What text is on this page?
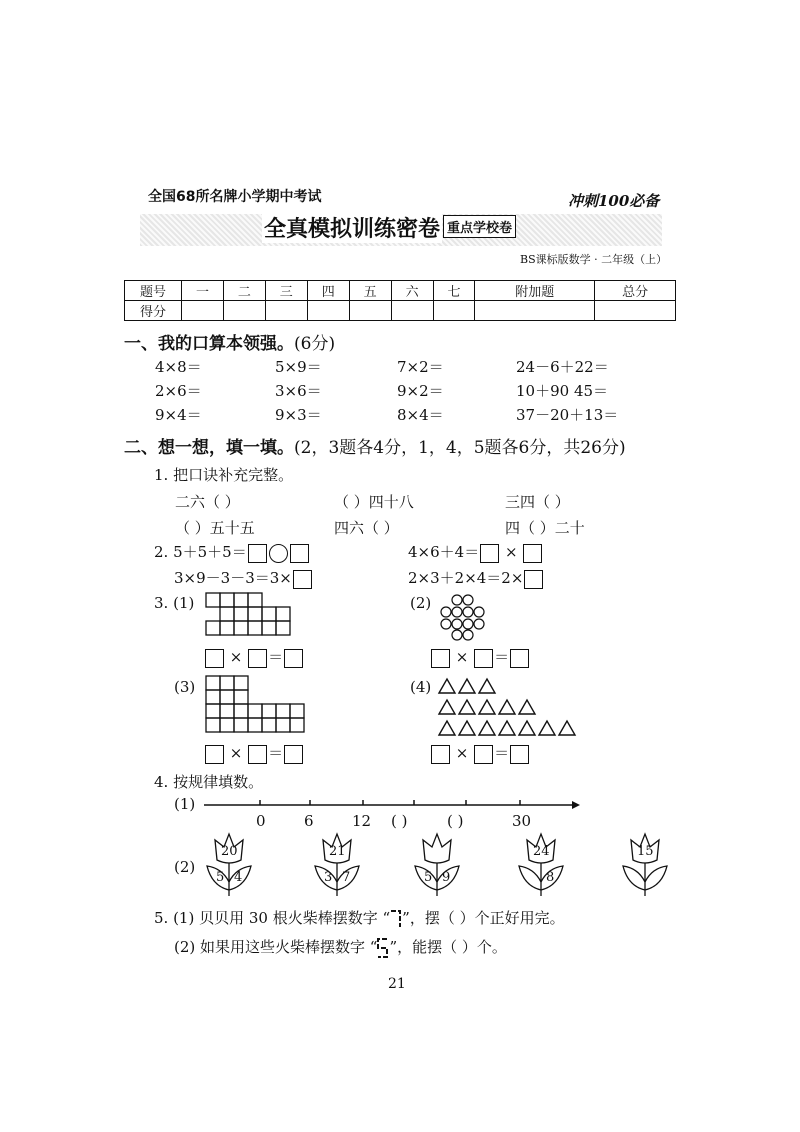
全国68所名牌小学期中考试	冲刺100必备
全真模拟训练密卷 重点学校卷
BS课标版数学 · 二年级（上）
题号	一	二	三	四	五	六	七	附加题	总分
得分									
一、我的口算本领强。(6分)
4×8＝	5×9＝	7×2＝	24－6＋22＝
2×6＝	3×6＝	9×2＝	10＋90 45＝
9×4＝	9×3＝	8×4＝	37－20＋13＝
二、想一想，填一填。(2，3题各4分，1，4，5题各6分，共26分)
1. 把口诀补充完整。
二六（ ）	（ ）四十八	三四（ ）
（ ）五十五	四六（ ）	四（ ）二十
2. 5＋5＋5＝	4×6＋4＝ ×
3×9－3－3＝3×	2×3＋2×4＝2×
3. (1)	(2)
(3)	(4)
× ＝	× ＝
× ＝	× ＝
4. 按规律填数。
(1)
0	6	12 ( )	( )	30
(2)
20
5 4
21
3 7	5 9
24
8
15
5. (1) 贝贝用 30 根火柴棒摆数字 “ ”，摆（ ）个正好用完。
(2) 如果用这些火柴棒摆数字 “ ”，能摆（ ）个。
21
